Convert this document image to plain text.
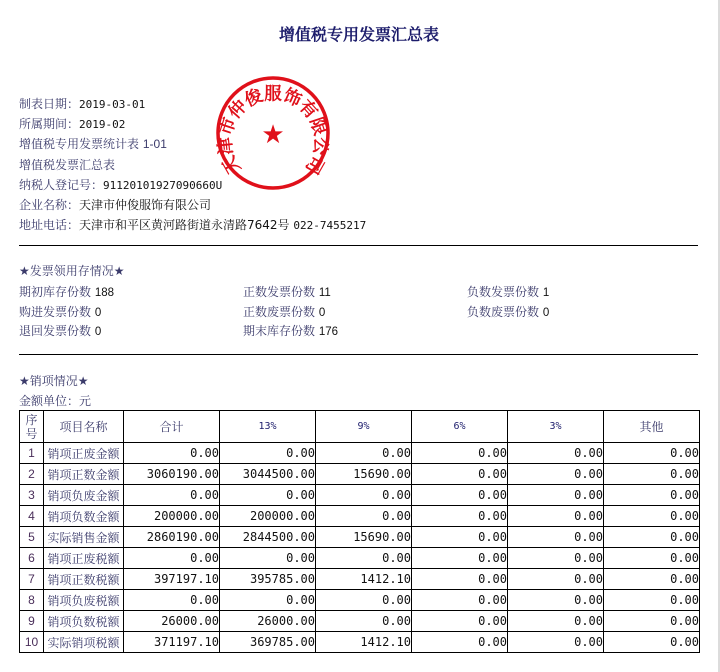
增值税专用发票汇总表
制表日期：2019-03-01
所属期间：2019-02
增值税专用发票统计表 1-01
增值税发票汇总表
纳税人登记号：91120101927090660U
企业名称：天津市仲俊服饰有限公司
地址电话：天津市和平区黄河路街道永清路7642号 022-7455217
天津市仲俊服饰有限公司
★
★发票领用存情况★
期初库存份数 188	正数发票份数 11	负数发票份数 1
购进发票份数 0	正数废票份数 0	负数废票份数 0
退回发票份数 0	期末库存份数 176
★销项情况★
金额单位：元
序
号	项目名称	合计	13%	9%	6%	3%	其他
1	销项正废金额	0.00	0.00	0.00	0.00	0.00	0.00
2	销项正数金额	3060190.00	3044500.00	15690.00	0.00	0.00	0.00
3	销项负废金额	0.00	0.00	0.00	0.00	0.00	0.00
4	销项负数金额	200000.00	200000.00	0.00	0.00	0.00	0.00
5	实际销售金额	2860190.00	2844500.00	15690.00	0.00	0.00	0.00
6	销项正废税额	0.00	0.00	0.00	0.00	0.00	0.00
7	销项正数税额	397197.10	395785.00	1412.10	0.00	0.00	0.00
8	销项负废税额	0.00	0.00	0.00	0.00	0.00	0.00
9	销项负数税额	26000.00	26000.00	0.00	0.00	0.00	0.00
10	实际销项税额	371197.10	369785.00	1412.10	0.00	0.00	0.00
